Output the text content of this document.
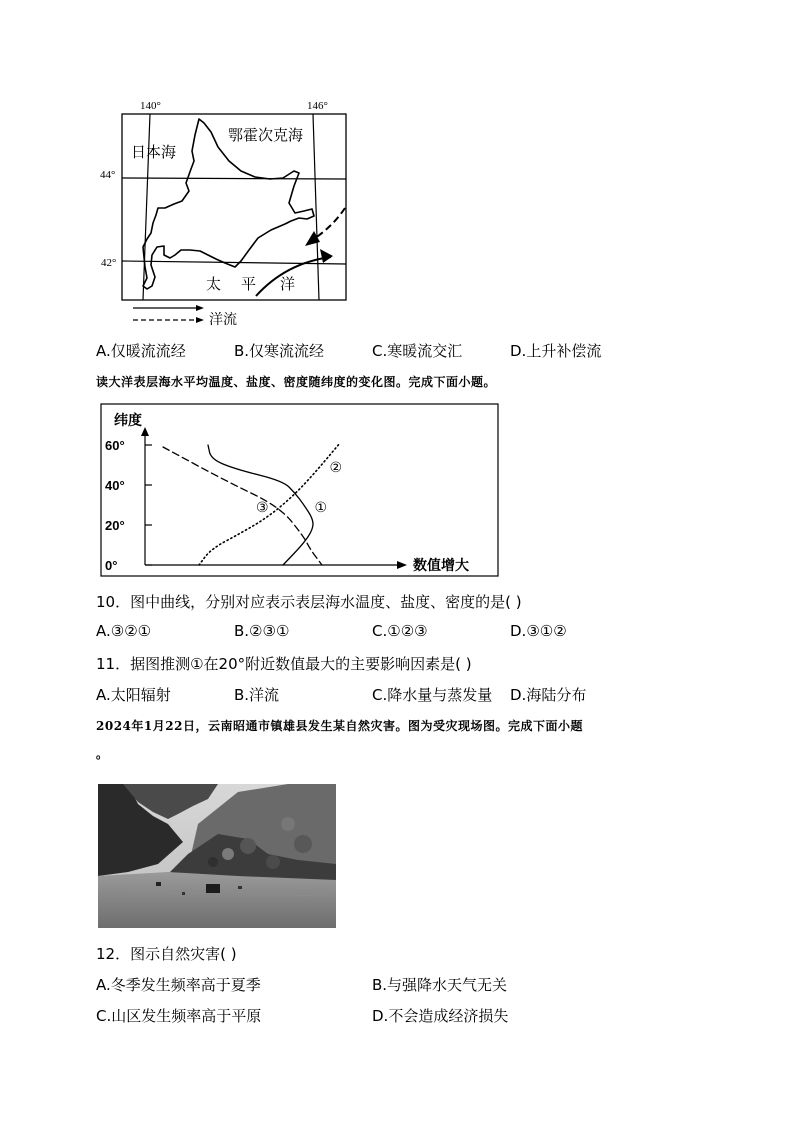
140°	146°
44°
42°
日本海
鄂霍次克海
太 平 洋
洋流
A.仅暖流流经	B.仅寒流流经	C.寒暖流交汇	D.上升补偿流
读大洋表层海水平均温度、盐度、密度随纬度的变化图。完成下面小题。
纬度
数值增大
60°
40°
20°
0°
①
②
③
10．图中曲线，分别对应表示表层海水温度、盐度、密度的是( )
A.③②①	B.②③①	C.①②③	D.③①②
11．据图推测①在20°附近数值最大的主要影响因素是( )
A.太阳辐射	B.洋流	C.降水量与蒸发量 D.海陆分布
2024年1月22日，云南昭通市镇雄县发生某自然灾害。图为受灾现场图。完成下面小题
。
12．图示自然灾害( )
A.冬季发生频率高于夏季	B.与强降水天气无关
C.山区发生频率高于平原	D.不会造成经济损失
